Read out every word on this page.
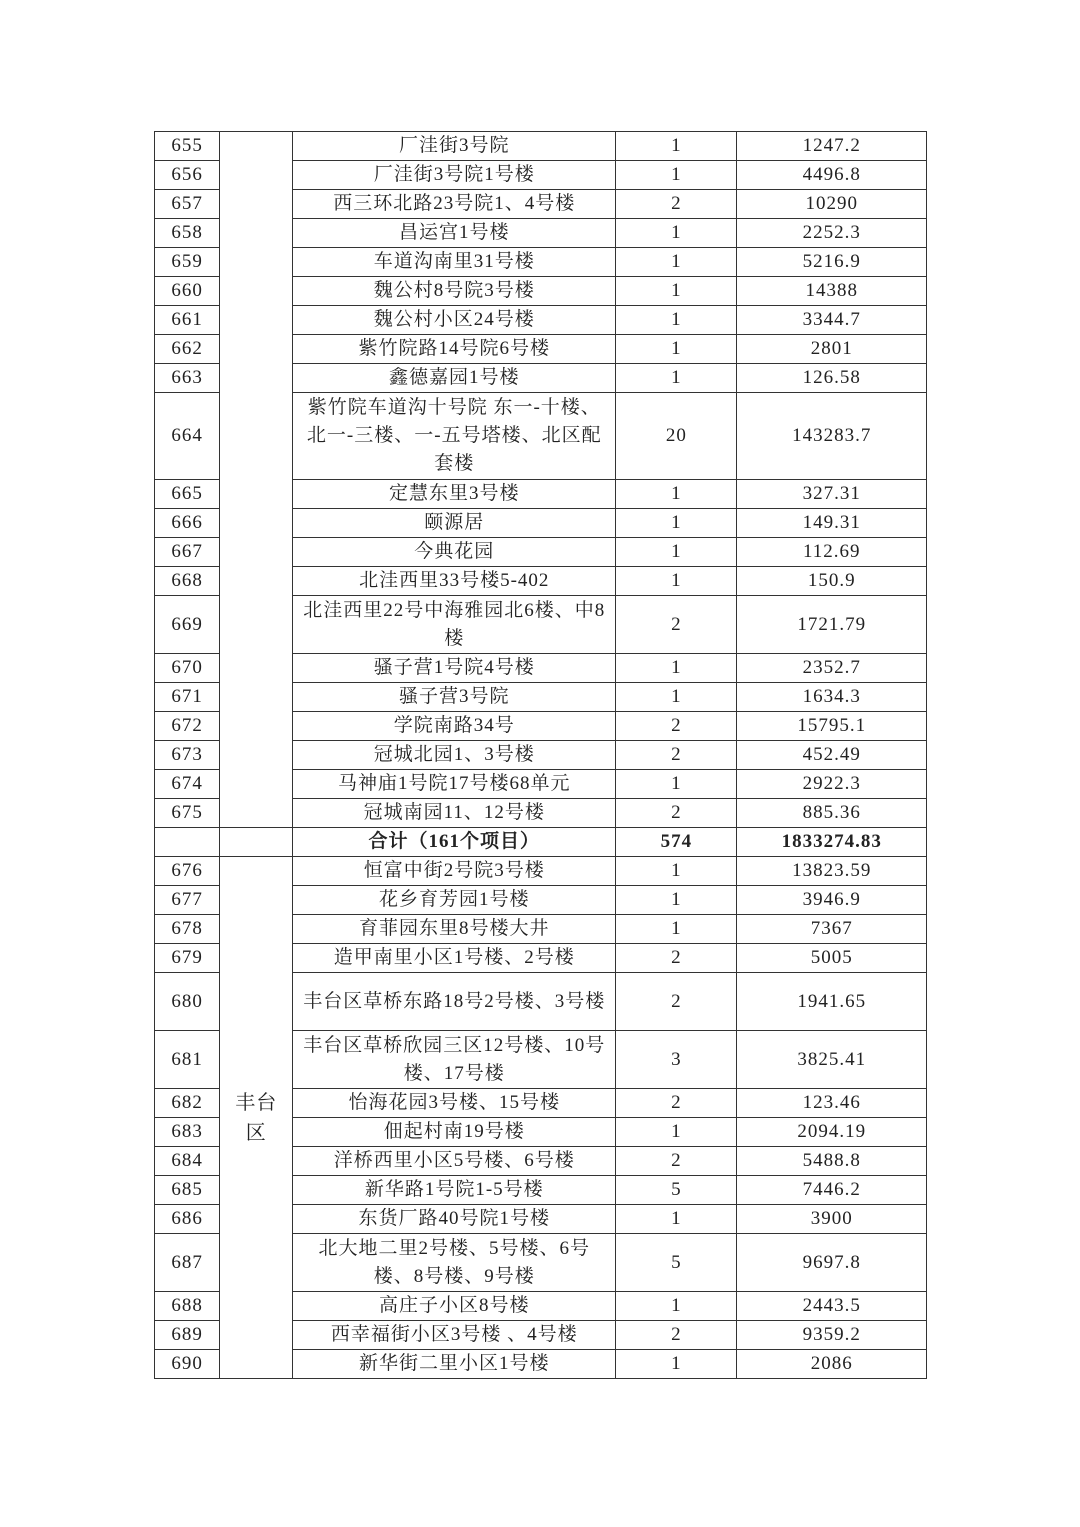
655		厂洼街3号院	1	1247.2
656		厂洼街3号院1号楼	1	4496.8
657		西三环北路23号院1、4号楼	2	10290
658		昌运宫1号楼	1	2252.3
659		车道沟南里31号楼	1	5216.9
660		魏公村8号院3号楼	1	14388
661		魏公村小区24号楼	1	3344.7
662		紫竹院路14号院6号楼	1	2801
663		鑫德嘉园1号楼	1	126.58
664		紫竹院车道沟十号院 东一-十楼、北一-三楼、一-五号塔楼、北区配套楼	20	143283.7
665		定慧东里3号楼	1	327.31
666		颐源居	1	149.31
667		今典花园	1	112.69
668		北洼西里33号楼5-402	1	150.9
669		北洼西里22号中海雅园北6楼、中8楼	2	1721.79
670		骚子营1号院4号楼	1	2352.7
671		骚子营3号院	1	1634.3
672		学院南路34号	2	15795.1
673		冠城北园1、3号楼	2	452.49
674		马神庙1号院17号楼68单元	1	2922.3
675		冠城南园11、12号楼	2	885.36
		合计（161个项目）	574	1833274.83
676	丰台区	恒富中街2号院3号楼	1	13823.59
677		花乡育芳园1号楼	1	3946.9
678		育菲园东里8号楼大井	1	7367
679		造甲南里小区1号楼、2号楼	2	5005
680		丰台区草桥东路18号2号楼、3号楼	2	1941.65
681		丰台区草桥欣园三区12号楼、10号楼、17号楼	3	3825.41
682		怡海花园3号楼、15号楼	2	123.46
683		佃起村南19号楼	1	2094.19
684		洋桥西里小区5号楼、6号楼	2	5488.8
685		新华路1号院1-5号楼	5	7446.2
686		东货厂路40号院1号楼	1	3900
687		北大地二里2号楼、5号楼、6号楼、8号楼、9号楼	5	9697.8
688		高庄子小区8号楼	1	2443.5
689		西幸福街小区3号楼 、4号楼	2	9359.2
690		新华街二里小区1号楼	1	2086
